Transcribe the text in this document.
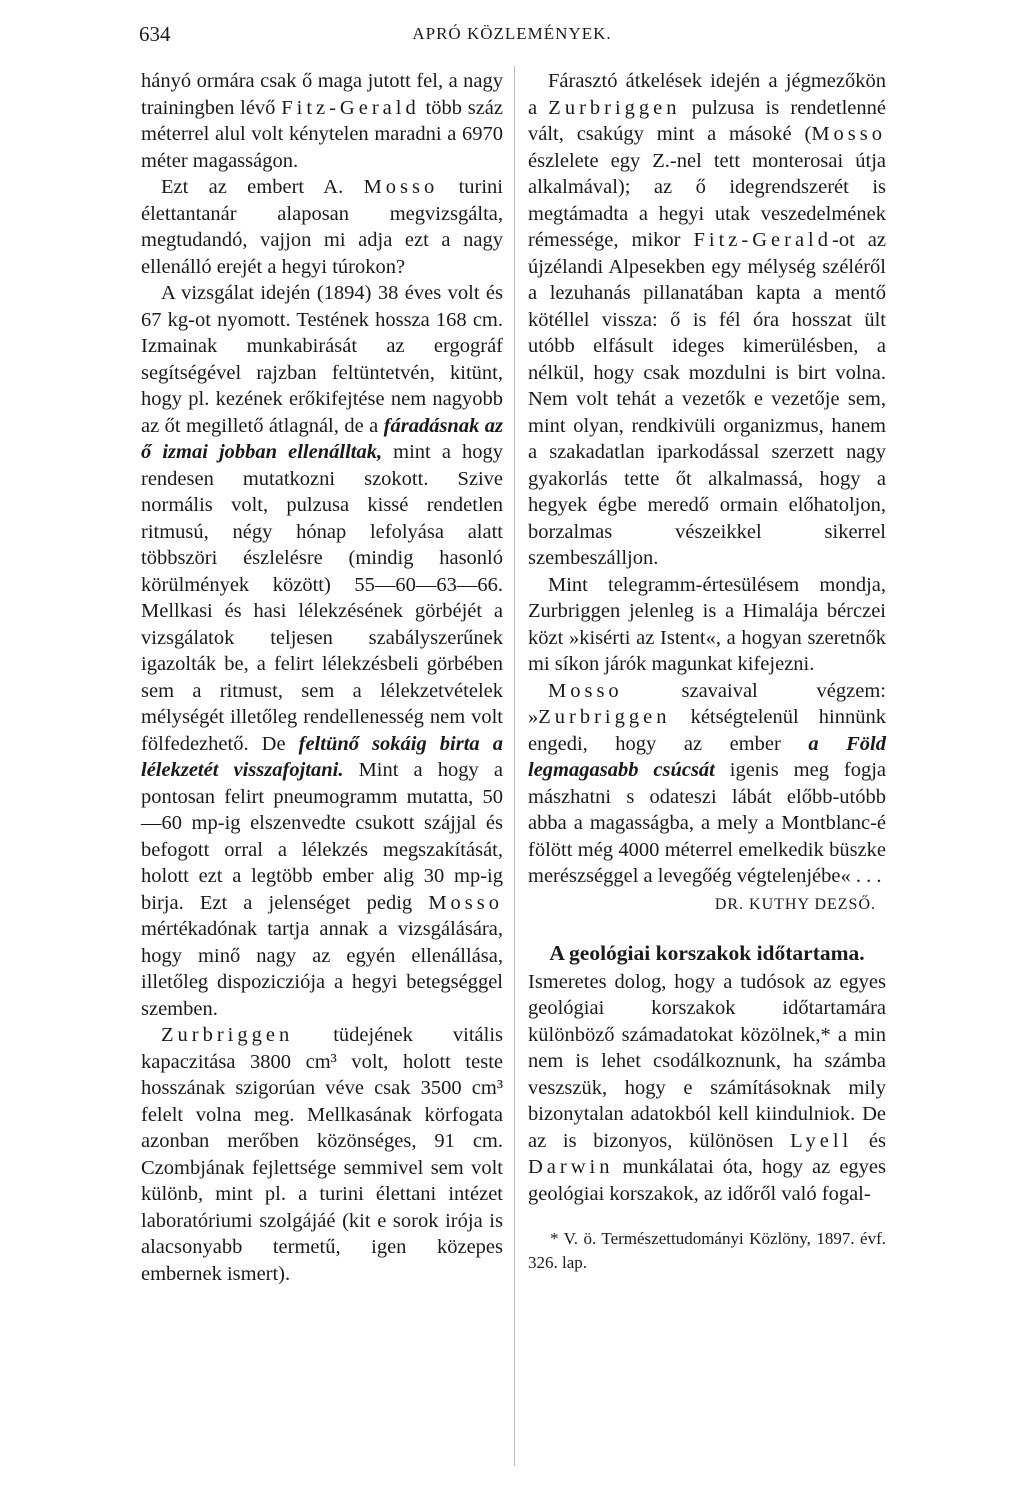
634	APRÓ KÖZLEMÉNYEK.

hányó ormára csak ő maga jutott fel, a nagy trainingben lévő Fitz-Gerald több száz méterrel alul volt kénytelen maradni a 6970 méter magasságon.

Ezt az embert A. Mosso turini élettantanár alaposan megvizsgálta, megtudandó, vajjon mi adja ezt a nagy ellenálló erejét a hegyi túrokon?

A vizsgálat idején (1894) 38 éves volt és 67 kg-ot nyomott. Testének hossza 168 cm. Izmainak munkabirását az ergográf segítségével rajzban feltüntetvén, kitünt, hogy pl. kezének erőkifejtése nem nagyobb az őt megillető átlagnál, de a fáradásnak az ő izmai jobban ellenálltak, mint a hogy rendesen mutatkozni szokott. Szive normális volt, pulzusa kissé rendetlen ritmusú, négy hónap lefolyása alatt többszöri észlelésre (mindig hasonló körülmények között) 55—60—63—66. Mellkasi és hasi lélekzésének görbéjét a vizsgálatok teljesen szabályszerűnek igazolták be, a felirt lélekzésbeli görbében sem a ritmust, sem a lélekzetvételek mélységét illetőleg rendellenesség nem volt fölfedezhető. De feltünő sokáig birta a lélekzetét visszafojtani. Mint a hogy a pontosan felirt pneumogramm mutatta, 50—60 mp-ig elszenvedte csukott szájjal és befogott orral a lélekzés megszakítását, holott ezt a legtöbb ember alig 30 mp-ig birja. Ezt a jelenséget pedig Mosso mértékadónak tartja annak a vizsgálására, hogy minő nagy az egyén ellenállása, illetőleg dispozicziója a hegyi betegséggel szemben.

Zurbriggen tüdejének vitális kapaczitása 3800 cm³ volt, holott teste hosszának szigorúan véve csak 3500 cm³ felelt volna meg. Mellkasának körfogata azonban merőben közönséges, 91 cm. Czombjának fejlettsége semmivel sem volt különb, mint pl. a turini élettani intézet laboratóriumi szolgájáé (kit e sorok irója is alacsonyabb termetű, igen közepes embernek ismert).

Fárasztó átkelések idején a jégmezőkön a Zurbriggen pulzusa is rendetlenné vált, csakúgy mint a másoké (Mosso észlelete egy Z.-nel tett monterosai útja alkalmával); az ő idegrendszerét is megtámadta a hegyi utak veszedelmének rémessége, mikor Fitz-Gerald-ot az újzélandi Alpesekben egy mélység széléről a lezuhanás pillanatában kapta a mentő kötéllel vissza: ő is fél óra hosszat ült utóbb elfásult ideges kimerülésben, a nélkül, hogy csak mozdulni is birt volna. Nem volt tehát a vezetők e vezetője sem, mint olyan, rendkivüli organizmus, hanem a szakadatlan iparkodással szerzett nagy gyakorlás tette őt alkalmassá, hogy a hegyek égbe meredő ormain előhatoljon, borzalmas vészeikkel sikerrel szembeszálljon.

Mint telegramm-értesülésem mondja, Zurbriggen jelenleg is a Himalája bérczei közt »kisérti az Istent«, a hogyan szeretnők mi síkon járók magunkat kifejezni.

Mosso szavaival végzem: »Zurbriggen kétségtelenül hinnünk engedi, hogy az ember a Föld legmagasabb csúcsát igenis meg fogja mászhatni s odateszi lábát előbb-utóbb abba a magasságba, a mely a Montblanc-é fölött még 4000 méterrel emelkedik büszke merészséggel a levegőég végtelenjébe« . . .

DR. KUTHY DEZSŐ.

A geológiai korszakok időtartama.

Ismeretes dolog, hogy a tudósok az egyes geológiai korszakok időtartamára különböző számadatokat közölnek,* a min nem is lehet csodálkoznunk, ha számba veszszük, hogy e számításoknak mily bizonytalan adatokból kell kiindulniok. De az is bizonyos, különösen Lyell és Darwin munkálatai óta, hogy az egyes geológiai korszakok, az időről való fogal-

* V. ö. Természettudományi Közlöny, 1897. évf. 326. lap.
